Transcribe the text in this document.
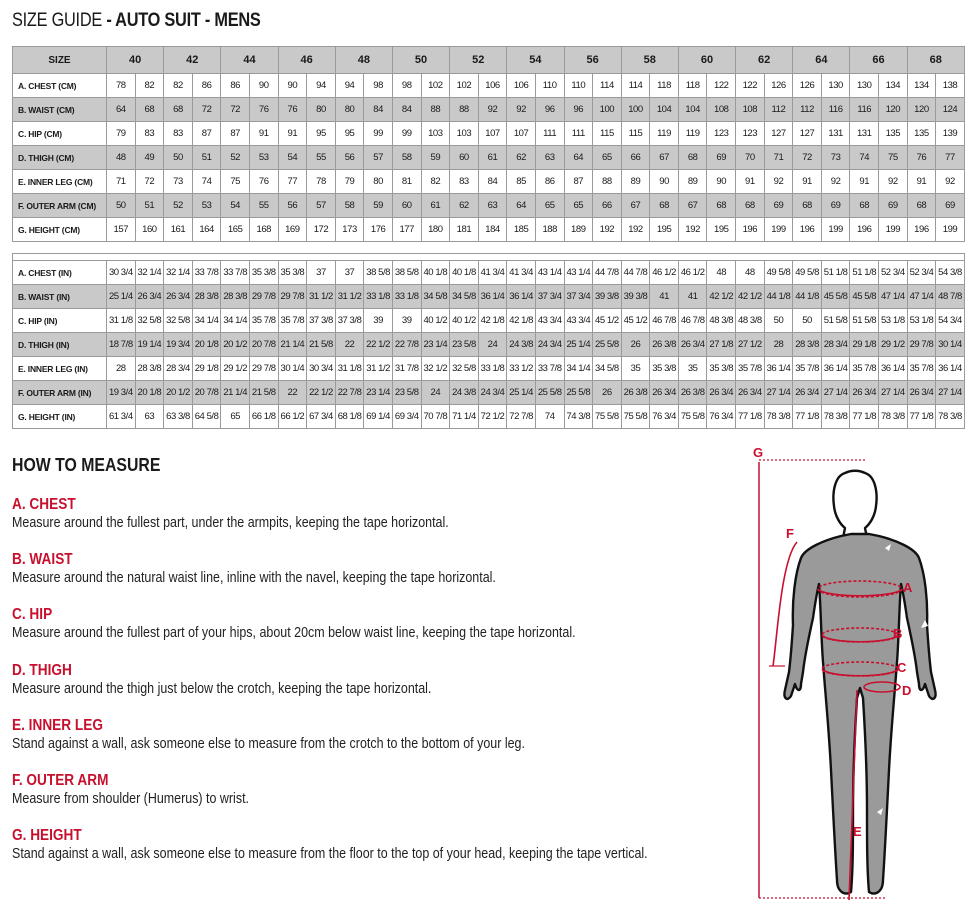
SIZE GUIDE - AUTO SUIT - MENS
SIZE	40		42		44		46		48		50		52		54		56		58		60		62		64		66		68	
A. CHEST (CM)	78	82	82	86	86	90	90	94	94	98	98	102	102	106	106	110	110	114	114	118	118	122	122	126	126	130	130	134	134	138
B. WAIST (CM)	64	68	68	72	72	76	76	80	80	84	84	88	88	92	92	96	96	100	100	104	104	108	108	112	112	116	116	120	120	124
C. HIP (CM)	79	83	83	87	87	91	91	95	95	99	99	103	103	107	107	111	111	115	115	119	119	123	123	127	127	131	131	135	135	139
D. THIGH (CM)	48	49	50	51	52	53	54	55	56	57	58	59	60	61	62	63	64	65	66	67	68	69	70	71	72	73	74	75	76	77
E. INNER LEG (CM)	71	72	73	74	75	76	77	78	79	80	81	82	83	84	85	86	87	88	89	90	89	90	91	92	91	92	91	92	91	92
F. OUTER ARM (CM)	50	51	52	53	54	55	56	57	58	59	60	61	62	63	64	65	65	66	67	68	67	68	68	69	68	69	68	69	68	69
G. HEIGHT (CM)	157	160	161	164	165	168	169	172	173	176	177	180	181	184	185	188	189	192	192	195	192	195	196	199	196	199	196	199	196	199

A. CHEST (IN)	30 3/4	32 1/4	32 1/4	33 7/8	33 7/8	35 3/8	35 3/8	37	37	38 5/8	38 5/8	40 1/8	40 1/8	41 3/4	41 3/4	43 1/4	43 1/4	44 7/8	44 7/8	46 1/2	46 1/2	48	48	49 5/8	49 5/8	51 1/8	51 1/8	52 3/4	52 3/4	54 3/8
B. WAIST (IN)	25 1/4	26 3/4	26 3/4	28 3/8	28 3/8	29 7/8	29 7/8	31 1/2	31 1/2	33 1/8	33 1/8	34 5/8	34 5/8	36 1/4	36 1/4	37 3/4	37 3/4	39 3/8	39 3/8	41	41	42 1/2	42 1/2	44 1/8	44 1/8	45 5/8	45 5/8	47 1/4	47 1/4	48 7/8
C. HIP (IN)	31 1/8	32 5/8	32 5/8	34 1/4	34 1/4	35 7/8	35 7/8	37 3/8	37 3/8	39	39	40 1/2	40 1/2	42 1/8	42 1/8	43 3/4	43 3/4	45 1/2	45 1/2	46 7/8	46 7/8	48 3/8	48 3/8	50	50	51 5/8	51 5/8	53 1/8	53 1/8	54 3/4
D. THIGH (IN)	18 7/8	19 1/4	19 3/4	20 1/8	20 1/2	20 7/8	21 1/4	21 5/8	22	22 1/2	22 7/8	23 1/4	23 5/8	24	24 3/8	24 3/4	25 1/4	25 5/8	26	26 3/8	26 3/4	27 1/8	27 1/2	28	28 3/8	28 3/4	29 1/8	29 1/2	29 7/8	30 1/4
E. INNER LEG (IN)	28	28 3/8	28 3/4	29 1/8	29 1/2	29 7/8	30 1/4	30 3/4	31 1/8	31 1/2	31 7/8	32 1/2	32 5/8	33 1/8	33 1/2	33 7/8	34 1/4	34 5/8	35	35 3/8	35	35 3/8	35 7/8	36 1/4	35 7/8	36 1/4	35 7/8	36 1/4	35 7/8	36 1/4
F. OUTER ARM (IN)	19 3/4	20 1/8	20 1/2	20 7/8	21 1/4	21 5/8	22	22 1/2	22 7/8	23 1/4	23 5/8	24	24 3/8	24 3/4	25 1/4	25 5/8	25 5/8	26	26 3/8	26 3/4	26 3/8	26 3/4	26 3/4	27 1/4	26 3/4	27 1/4	26 3/4	27 1/4	26 3/4	27 1/4
G. HEIGHT (IN)	61 3/4	63	63 3/8	64 5/8	65	66 1/8	66 1/2	67 3/4	68 1/8	69 1/4	69 3/4	70 7/8	71 1/4	72 1/2	72 7/8	74	74 3/8	75 5/8	75 5/8	76 3/4	75 5/8	76 3/4	77 1/8	78 3/8	77 1/8	78 3/8	77 1/8	78 3/8	77 1/8	78 3/8
HOW TO MEASURE
A. CHEST
Measure around the fullest part, under the armpits, keeping the tape horizontal.
B. WAIST
Measure around the natural waist line, inline with the navel, keeping the tape horizontal.
C. HIP
Measure around the fullest part of your hips, about 20cm below waist line, keeping the tape horizontal.
D. THIGH
Measure around the thigh just below the crotch, keeping the tape horizontal.
E. INNER LEG
Stand against a wall, ask someone else to measure from the crotch to the bottom of your leg.
F. OUTER ARM
Measure from shoulder (Humerus) to wrist.
G. HEIGHT
Stand against a wall, ask someone else to measure from the floor to the top of your head, keeping the tape vertical.
G
A
B
C
D
F
E
